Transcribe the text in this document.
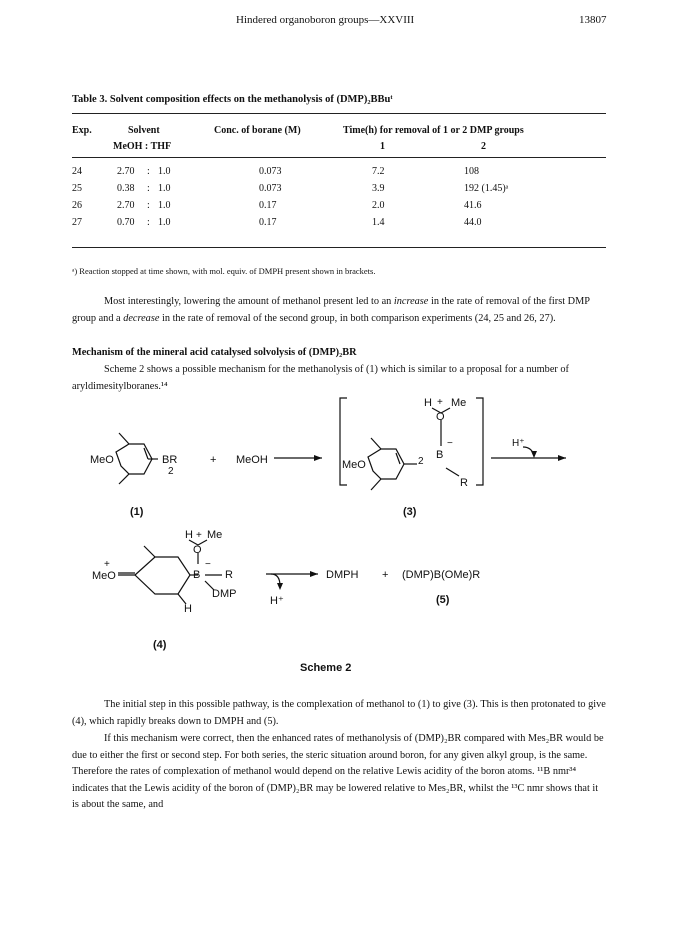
Hindered organoboron groups—XXVIII	13807
Table 3. Solvent composition effects on the methanolysis of (DMP)₂BBuᵗ
Exp.	Solvent
MeOH : THF
Conc. of borane (M)	Time(h) for removal of 1 or 2 DMP groups
1	2
24	2.70 : 1.0	0.073	7.2	108
25	0.38 : 1.0	0.073	3.9	192 (1.45)ᵃ
26	2.70 : 1.0	0.17	2.0	41.6
27	0.70 : 1.0	0.17	1.4	44.0
ᵃ) Reaction stopped at time shown, with mol. equiv. of DMPH present shown in brackets.

Most interestingly, lowering the amount of methanol present led to an increase in the rate of removal of the first DMP group and a decrease in the rate of removal of the second group, in both comparison experiments (24, 25 and 26, 27).

Mechanism of the mineral acid catalysed solvolysis of (DMP)₂BR

Scheme 2 shows a possible mechanism for the methanolysis of (1) which is similar to a proposal for a number of aryldimesitylboranes.¹⁴

MeO	BR
2
+ MeOH
(1)
MeO	2
H + Me
O
B
−
R
(3)
H⁺
H + Me
O
B
−
R
DMP
MeO
+
H
(4)
H⁺
DMPH + (DMP)B(OMe)R
(5)
Scheme 2

The initial step in this possible pathway, is the complexation of methanol to (1) to give (3). This is then protonated to give (4), which rapidly breaks down to DMPH and (5).

If this mechanism were correct, then the enhanced rates of methanolysis of (DMP)₂BR compared with Mes₂BR would be due to either the first or second step. For both series, the steric situation around boron, for any given alkyl group, is the same. Therefore the rates of complexation of methanol would depend on the relative Lewis acidity of the boron atoms. ¹¹B nmr³⁴ indicates that the Lewis acidity of the boron of (DMP)₂BR may be lowered relative to Mes₂BR, whilst the ¹³C nmr shows that it is about the same, and
